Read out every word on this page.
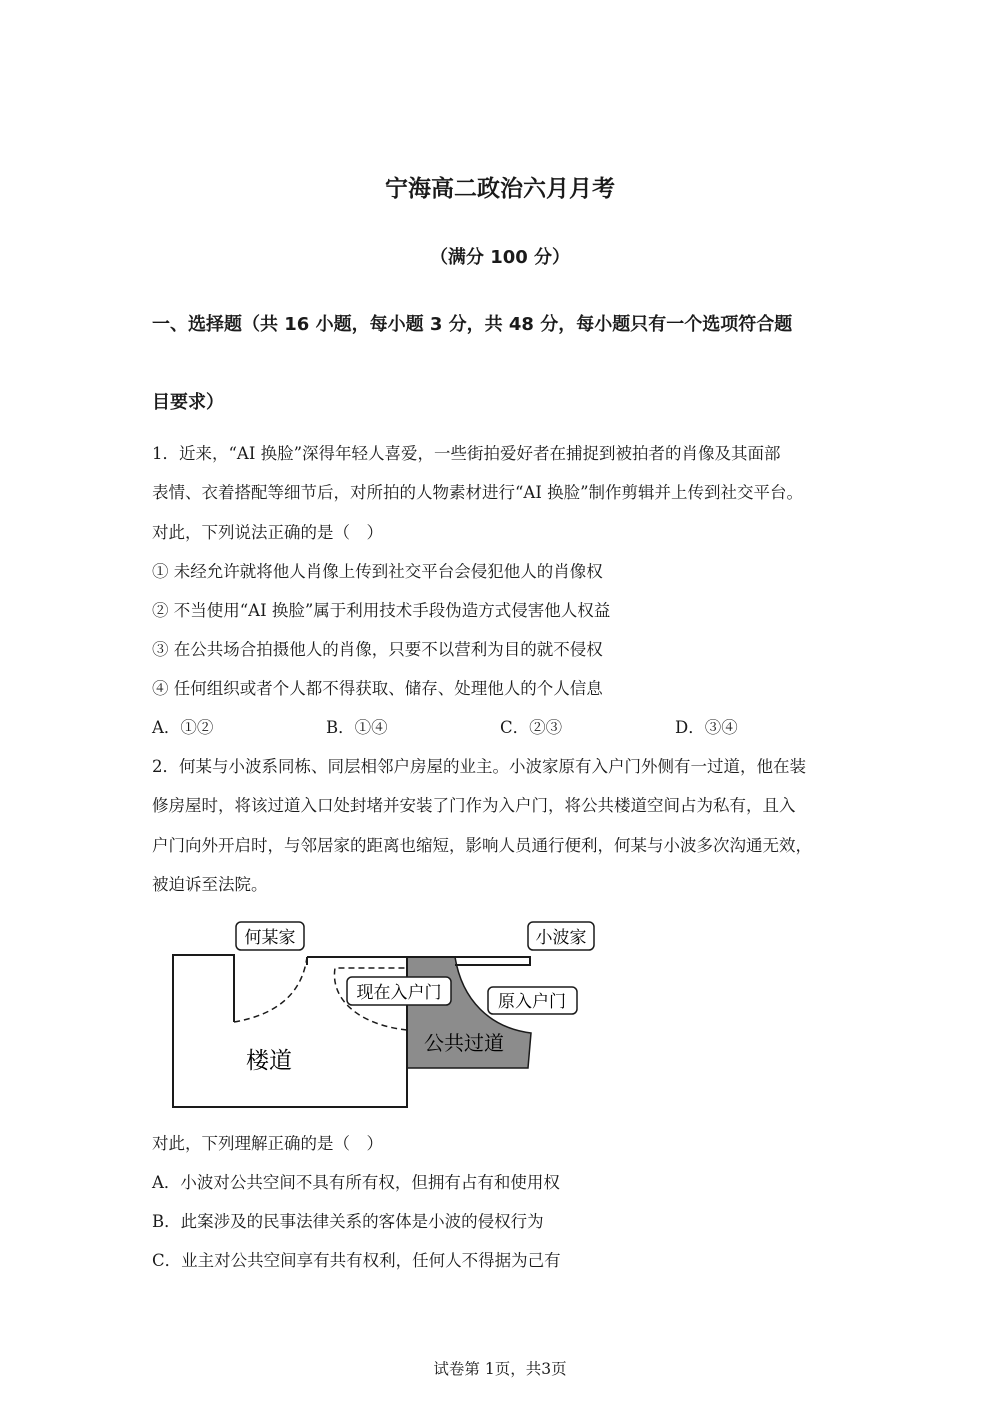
宁海高二政治六月月考
（满分 100 分）
一、选择题（共 16 小题，每小题 3 分，共 48 分，每小题只有一个选项符合题
目要求）
1．近来，“AI 换脸”深得年轻人喜爱，一些街拍爱好者在捕捉到被拍者的肖像及其面部
表情、衣着搭配等细节后，对所拍的人物素材进行“AI 换脸”制作剪辑并上传到社交平台。
对此，下列说法正确的是（　）
① 未经允许就将他人肖像上传到社交平台会侵犯他人的肖像权
② 不当使用“AI 换脸”属于利用技术手段伪造方式侵害他人权益
③ 在公共场合拍摄他人的肖像，只要不以营利为目的就不侵权
④ 任何组织或者个人都不得获取、储存、处理他人的个人信息
A．①②	B．①④	C．②③	D．③④
2．何某与小波系同栋、同层相邻户房屋的业主。小波家原有入户门外侧有一过道，他在装
修房屋时，将该过道入口处封堵并安装了门作为入户门，将公共楼道空间占为私有，且入
户门向外开启时，与邻居家的距离也缩短，影响人员通行便利，何某与小波多次沟通无效，
被迫诉至法院。
何某家	小波家
现在入户门	原入户门
楼道
公共过道
对此，下列理解正确的是（　）
A．小波对公共空间不具有所有权，但拥有占有和使用权
B．此案涉及的民事法律关系的客体是小波的侵权行为
C．业主对公共空间享有共有权利，任何人不得据为己有
试卷第 1页，共3页
